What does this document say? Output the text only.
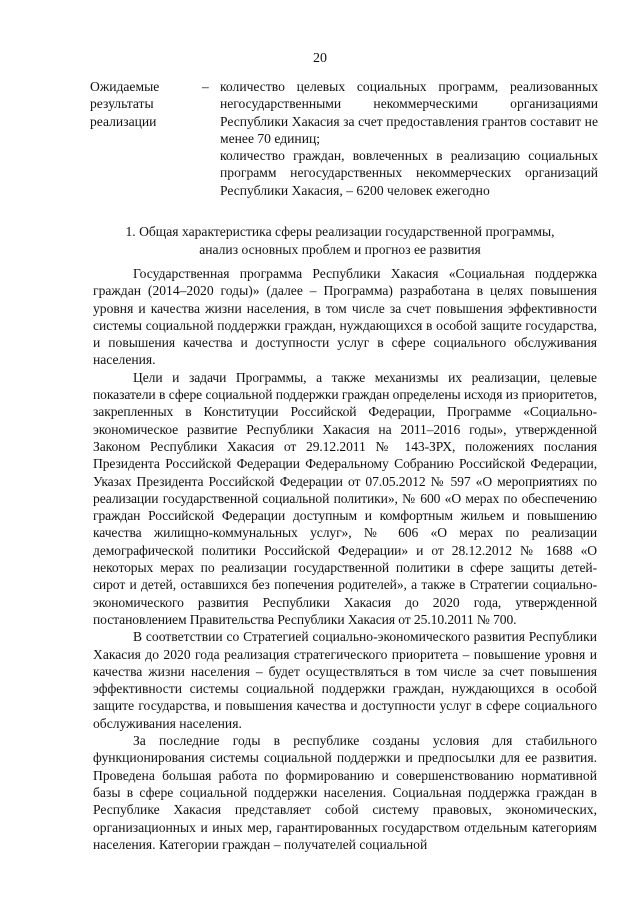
20
Ожидаемые
результаты
реализации
– количество целевых социальных программ, реализованных негосударственными некоммерческими организациями Республики Хакасия за счет предоставления грантов составит не менее 70 единиц;

количество граждан, вовлеченных в реализацию социальных программ негосударственных некоммерческих организаций Республики Хакасия, – 6200 человек ежегодно

1. Общая характеристика сферы реализации государственной программы,
анализ основных проблем и прогноз ее развития

Государственная программа Республики Хакасия «Социальная поддержка граждан (2014–2020 годы)» (далее – Программа) разработана в целях повышения уровня и качества жизни населения, в том числе за счет повышения эффективности системы социальной поддержки граждан, нуждающихся в особой защите государства, и повышения качества и доступности услуг в сфере социального обслуживания населения.

Цели и задачи Программы, а также механизмы их реализации, целевые показатели в сфере социальной поддержки граждан определены исходя из приоритетов, закрепленных в Конституции Российской Федерации, Программе «Социально-экономическое развитие Республики Хакасия на 2011–2016 годы», утвержденной Законом Республики Хакасия от 29.12.2011 № 143-ЗРХ, положениях послания Президента Российской Федерации Федеральному Собранию Российской Федерации, Указах Президента Российской Федерации от 07.05.2012 № 597 «О мероприятиях по реализации государственной социальной политики», № 600 «О мерах по обеспечению граждан Российской Федерации доступным и комфортным жильем и повышению качества жилищно-коммунальных услуг», № 606 «О мерах по реализации демографической политики Российской Федерации» и от 28.12.2012 № 1688 «О некоторых мерах по реализации государственной политики в сфере защиты детей-сирот и детей, оставшихся без попечения родителей», а также в Стратегии социально-экономического развития Республики Хакасия до 2020 года, утвержденной постановлением Правительства Республики Хакасия от 25.10.2011 № 700.

В соответствии со Стратегией социально-экономического развития Республики Хакасия до 2020 года реализация стратегического приоритета – повышение уровня и качества жизни населения – будет осуществляться в том числе за счет повышения эффективности системы социальной поддержки граждан, нуждающихся в особой защите государства, и повышения качества и доступности услуг в сфере социального обслуживания населения.

За последние годы в республике созданы условия для стабильного функционирования системы социальной поддержки и предпосылки для ее развития. Проведена большая работа по формированию и совершенствованию нормативной базы в сфере социальной поддержки населения. Социальная поддержка граждан в Республике Хакасия представляет собой систему правовых, экономических, организационных и иных мер, гарантированных государством отдельным категориям населения. Категории граждан – получателей социальной
